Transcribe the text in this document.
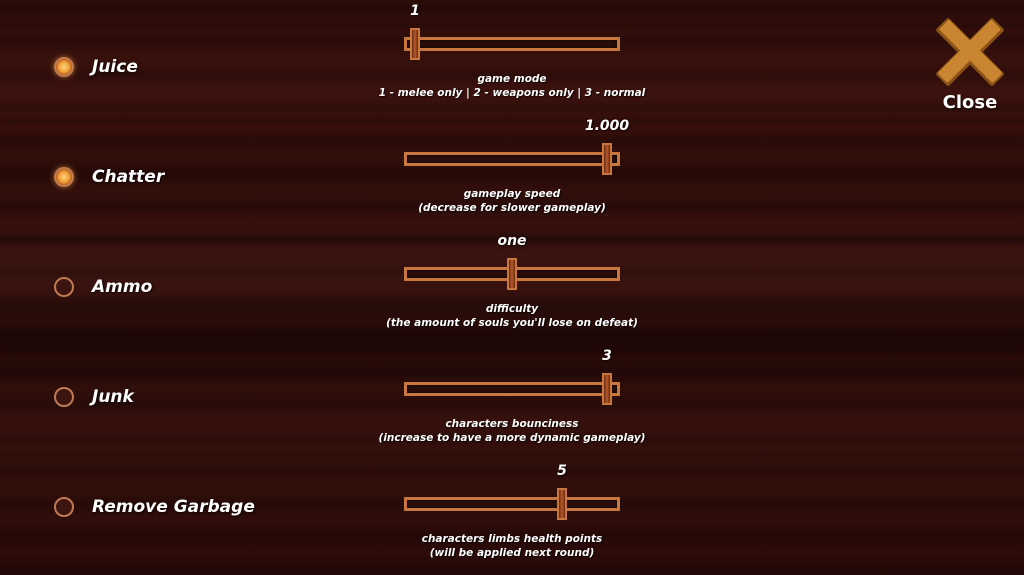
Juice
Chatter
Ammo
Junk
Remove Garbage
1
game mode
1 - melee only | 2 - weapons only | 3 - normal
1.000
gameplay speed
(decrease for slower gameplay)
one
difficulty
(the amount of souls you'll lose on defeat)
3
characters bounciness
(increase to have a more dynamic gameplay)
5
characters limbs health points
(will be applied next round)
Close
